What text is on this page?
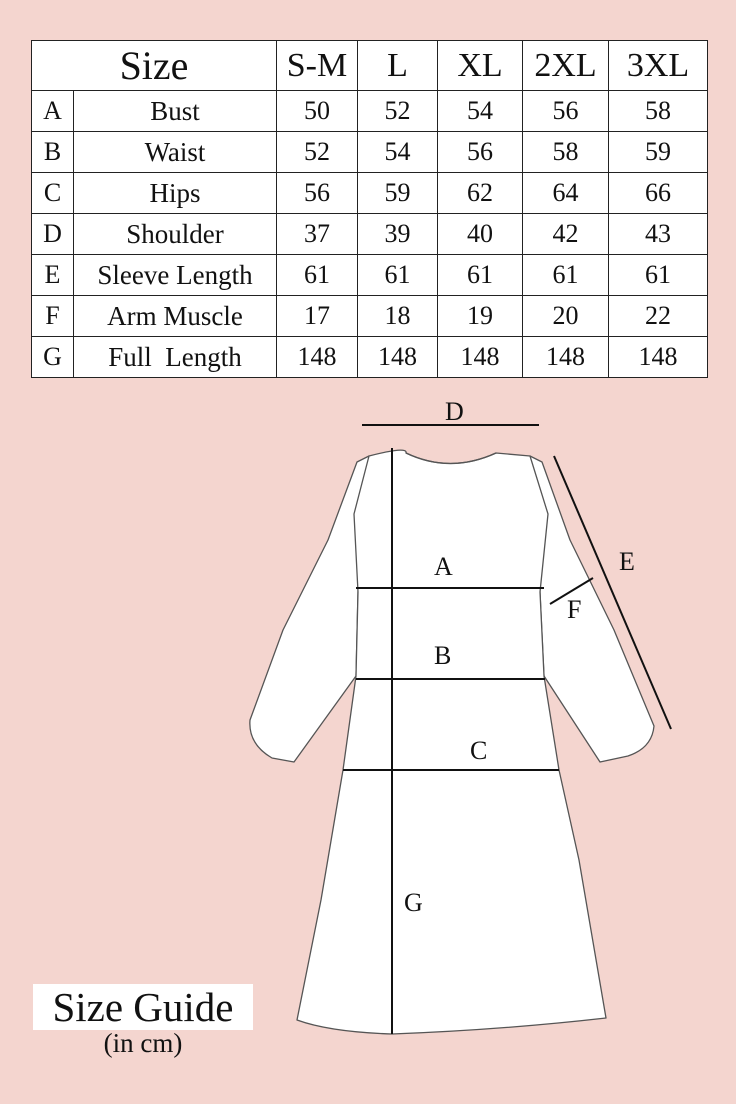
Size		S-M	L	XL	2XL	3XL
A	Bust	50	52	54	56	58
B	Waist	52	54	56	58	59
C	Hips	56	59	62	64	66
D	Shoulder	37	39	40	42	43
E	Sleeve Length	61	61	61	61	61
F	Arm Muscle	17	18	19	20	22
G	Full  Length	148	148	148	148	148
D
A
B
C
E
F
G
Size Guide
(in cm)
